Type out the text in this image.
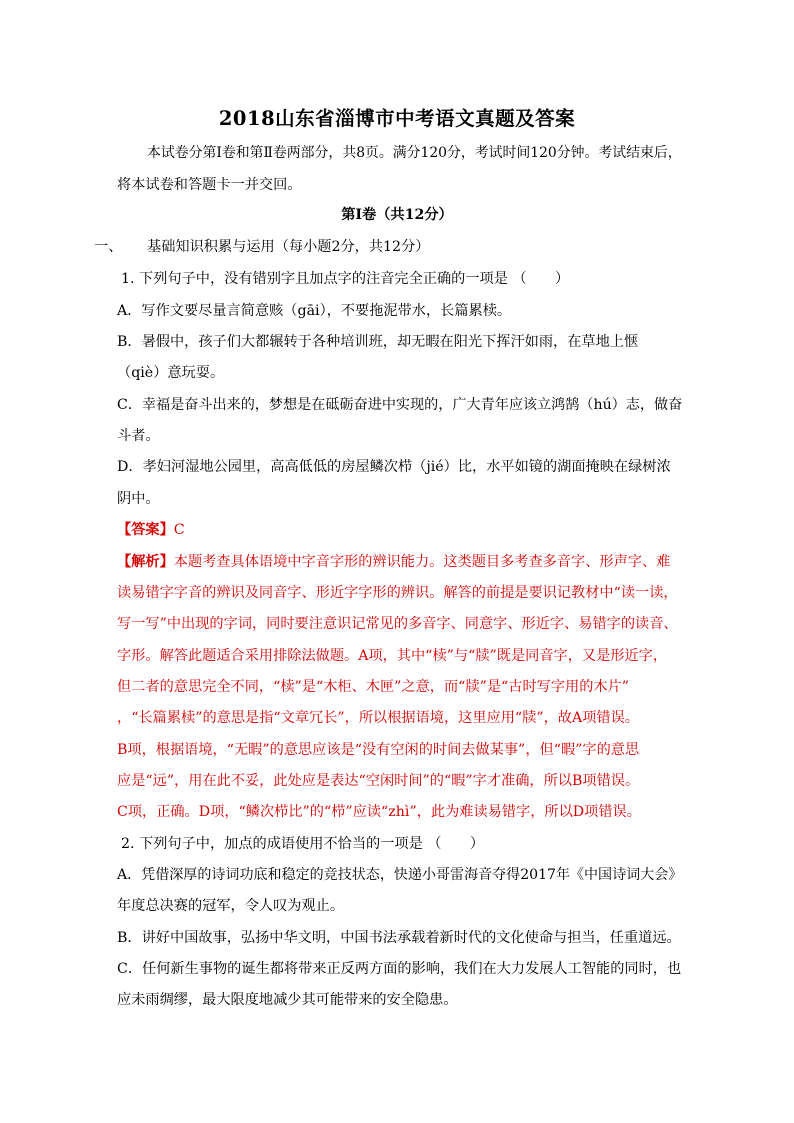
2018山东省淄博市中考语文真题及答案
本试卷分第Ⅰ卷和第Ⅱ卷两部分，共8页。满分120分，考试时间120分钟。考试结束后，
将本试卷和答题卡一并交回。
第Ⅰ卷（共12分）
一、 基础知识积累与运用（每小题2分，共12分）
1. 下列句子中，没有错别字且加点字的注音完全正确的一项是 （　　）
A．写作文要尽量言简意赅（gāi），不要拖泥带水，长篇累椟。
B．暑假中，孩子们大都辗转于各种培训班，却无暇在阳光下挥汗如雨，在草地上惬
（qiè）意玩耍。
C．幸福是奋斗出来的，梦想是在砥砺奋进中实现的，广大青年应该立鸿鹄（hú）志，做奋
斗者。
D．孝妇河湿地公园里，高高低低的房屋鳞次栉（jié）比，水平如镜的湖面掩映在绿树浓
阴中。
【答案】C
【解析】本题考查具体语境中字音字形的辨识能力。这类题目多考查多音字、形声字、难
读易错字字音的辨识及同音字、形近字字形的辨识。解答的前提是要识记教材中“读一读，
写一写”中出现的字词，同时要注意识记常见的多音字、同意字、形近字、易错字的读音、
字形。解答此题适合采用排除法做题。A项，其中“椟”与“牍”既是同音字，又是形近字，
但二者的意思完全不同，“椟”是“木柜、木匣”之意，而“牍”是“古时写字用的木片”
，“长篇累椟”的意思是指“文章冗长”，所以根据语境，这里应用“牍”，故A项错误。
B项，根据语境，“无暇”的意思应该是“没有空闲的时间去做某事”，但“暇”字的意思
应是“远”，用在此不妥，此处应是表达“空闲时间”的“暇”字才准确，所以B项错误。
C项，正确。D项，“鳞次栉比”的“栉”应读“zhì”，此为难读易错字，所以D项错误。
2. 下列句子中，加点的成语使用不恰当的一项是 （　　）
A．凭借深厚的诗词功底和稳定的竞技状态，快递小哥雷海音夺得2017年《中国诗词大会》
年度总决赛的冠军，令人叹为观止。
B．讲好中国故事，弘扬中华文明，中国书法承载着新时代的文化使命与担当，任重道远。
C．任何新生事物的诞生都将带来正反两方面的影响，我们在大力发展人工智能的同时，也
应未雨绸缪，最大限度地减少其可能带来的安全隐患。
